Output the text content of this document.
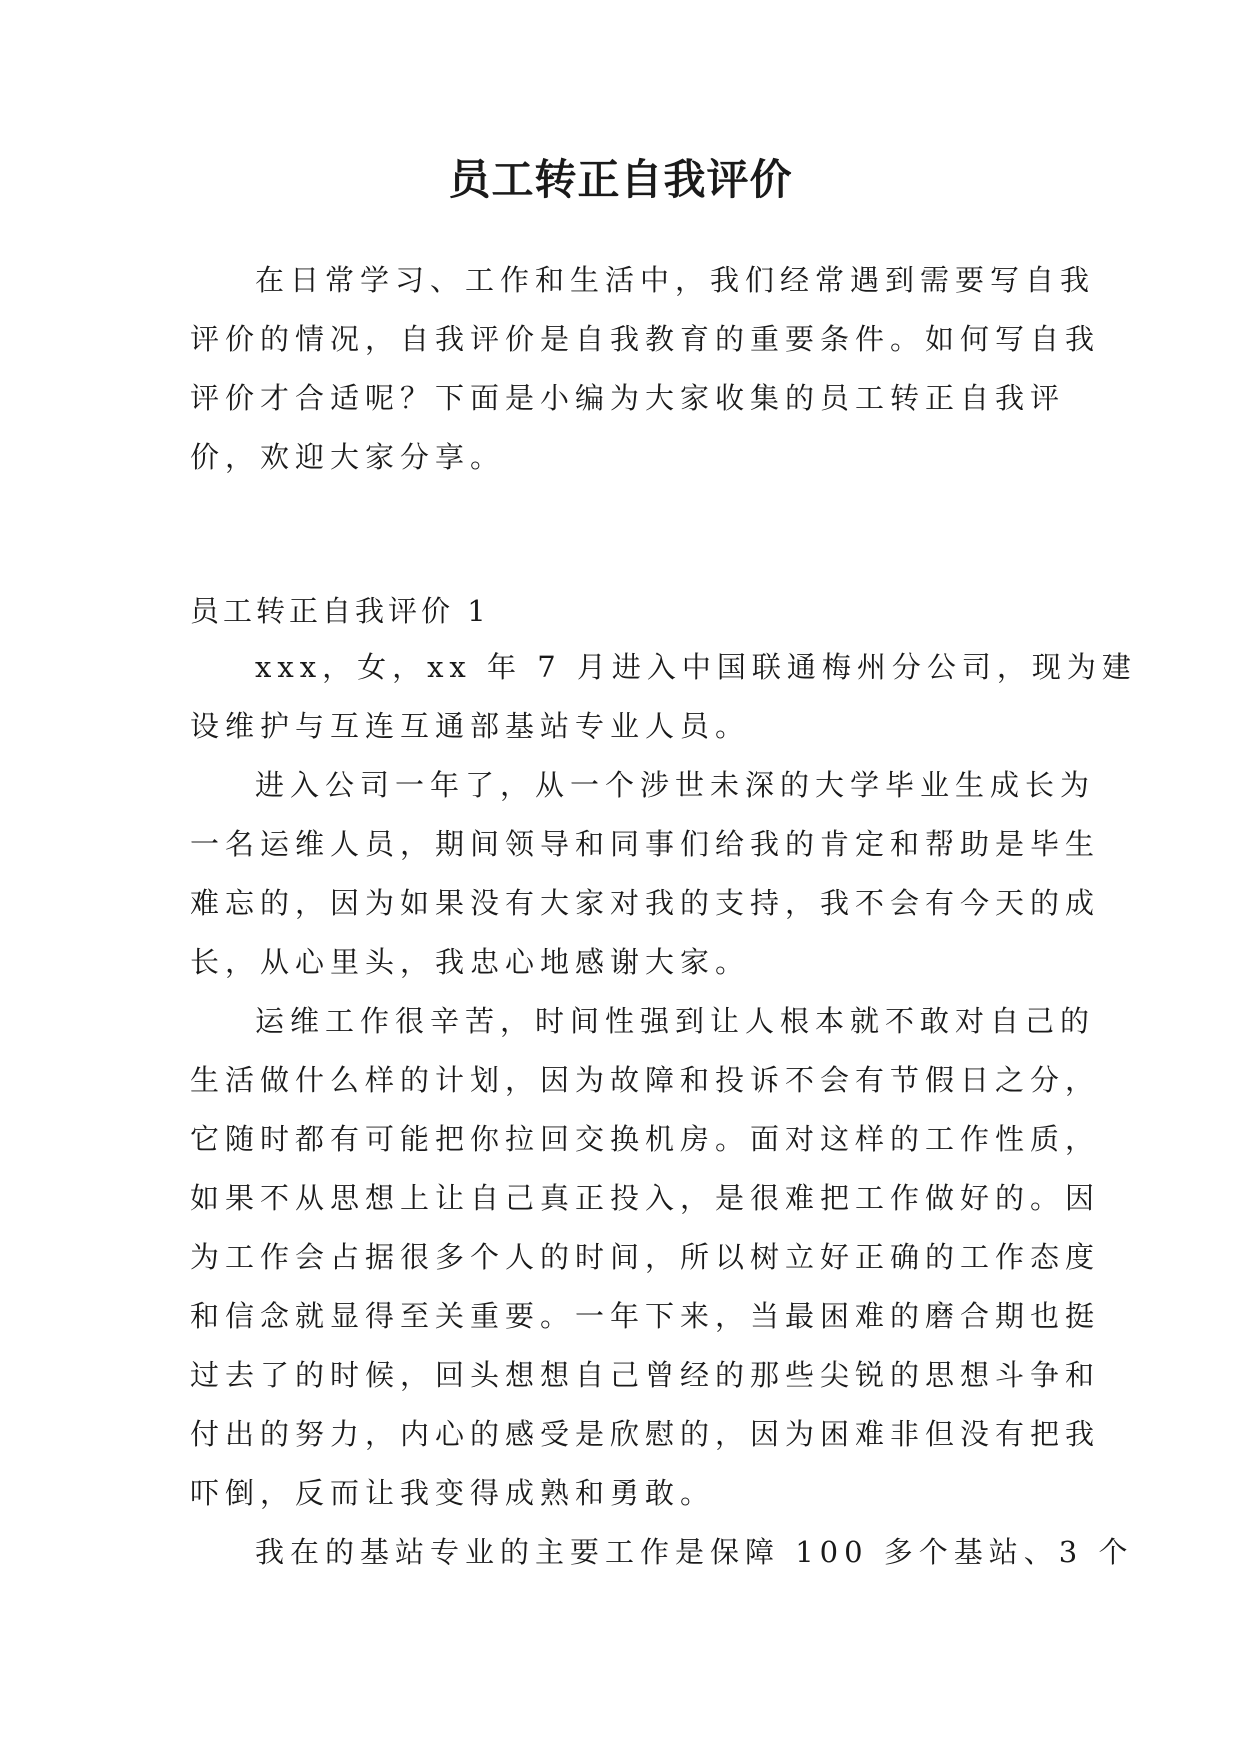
员工转正自我评价
在日常学习、工作和生活中，我们经常遇到需要写自我
评价的情况，自我评价是自我教育的重要条件。如何写自我
评价才合适呢？下面是小编为大家收集的员工转正自我评
价，欢迎大家分享。
员工转正自我评价 1
xxx，女，xx 年 7 月进入中国联通梅州分公司，现为建
设维护与互连互通部基站专业人员。
进入公司一年了，从一个涉世未深的大学毕业生成长为
一名运维人员，期间领导和同事们给我的肯定和帮助是毕生
难忘的，因为如果没有大家对我的支持，我不会有今天的成
长，从心里头，我忠心地感谢大家。
运维工作很辛苦，时间性强到让人根本就不敢对自己的
生活做什么样的计划，因为故障和投诉不会有节假日之分，
它随时都有可能把你拉回交换机房。面对这样的工作性质，
如果不从思想上让自己真正投入，是很难把工作做好的。因
为工作会占据很多个人的时间，所以树立好正确的工作态度
和信念就显得至关重要。一年下来，当最困难的磨合期也挺
过去了的时候，回头想想自己曾经的那些尖锐的思想斗争和
付出的努力，内心的感受是欣慰的，因为困难非但没有把我
吓倒，反而让我变得成熟和勇敢。
我在的基站专业的主要工作是保障 100 多个基站、3 个
